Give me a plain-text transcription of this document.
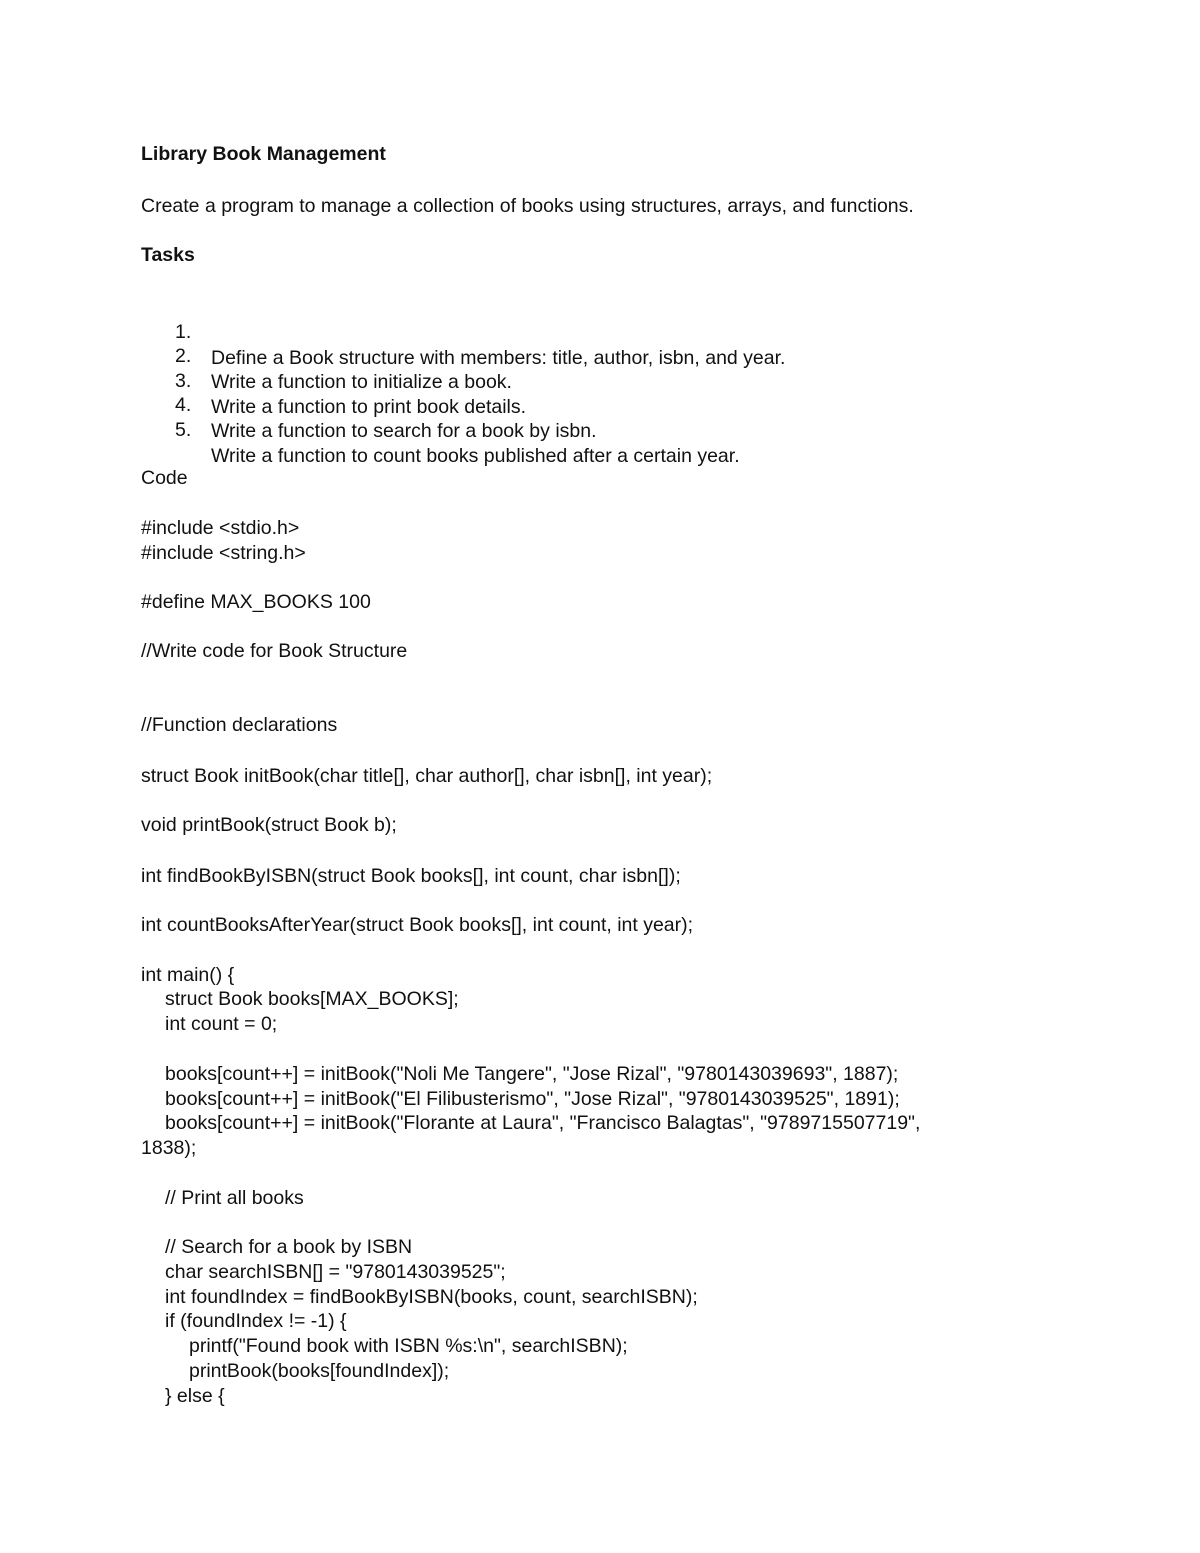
Library Book Management
Create a program to manage a collection of books using structures, arrays, and functions.
Tasks

1.

Define a Book structure with members: title, author, isbn, and year.

2.

Write a function to initialize a book.

3.

Write a function to print book details.

4.

Write a function to search for a book by isbn.

5.

Write a function to count books published after a certain year.

Code
#include <stdio.h>
#include <string.h>
#define MAX_BOOKS 100
//Write code for Book Structure
//Function declarations
struct Book initBook(char title[], char author[], char isbn[], int year);
void printBook(struct Book b);
int findBookByISBN(struct Book books[], int count, char isbn[]);
int countBooksAfterYear(struct Book books[], int count, int year);
int main() {
struct Book books[MAX_BOOKS];
int count = 0;
books[count++] = initBook("Noli Me Tangere", "Jose Rizal", "9780143039693", 1887);
books[count++] = initBook("El Filibusterismo", "Jose Rizal", "9780143039525", 1891);
books[count++] = initBook("Florante at Laura", "Francisco Balagtas", "9789715507719",
1838);
// Print all books
// Search for a book by ISBN
char searchISBN[] = "9780143039525";
int foundIndex = findBookByISBN(books, count, searchISBN);
if (foundIndex != -1) {
printf("Found book with ISBN %s:\n", searchISBN);
printBook(books[foundIndex]);
} else {
